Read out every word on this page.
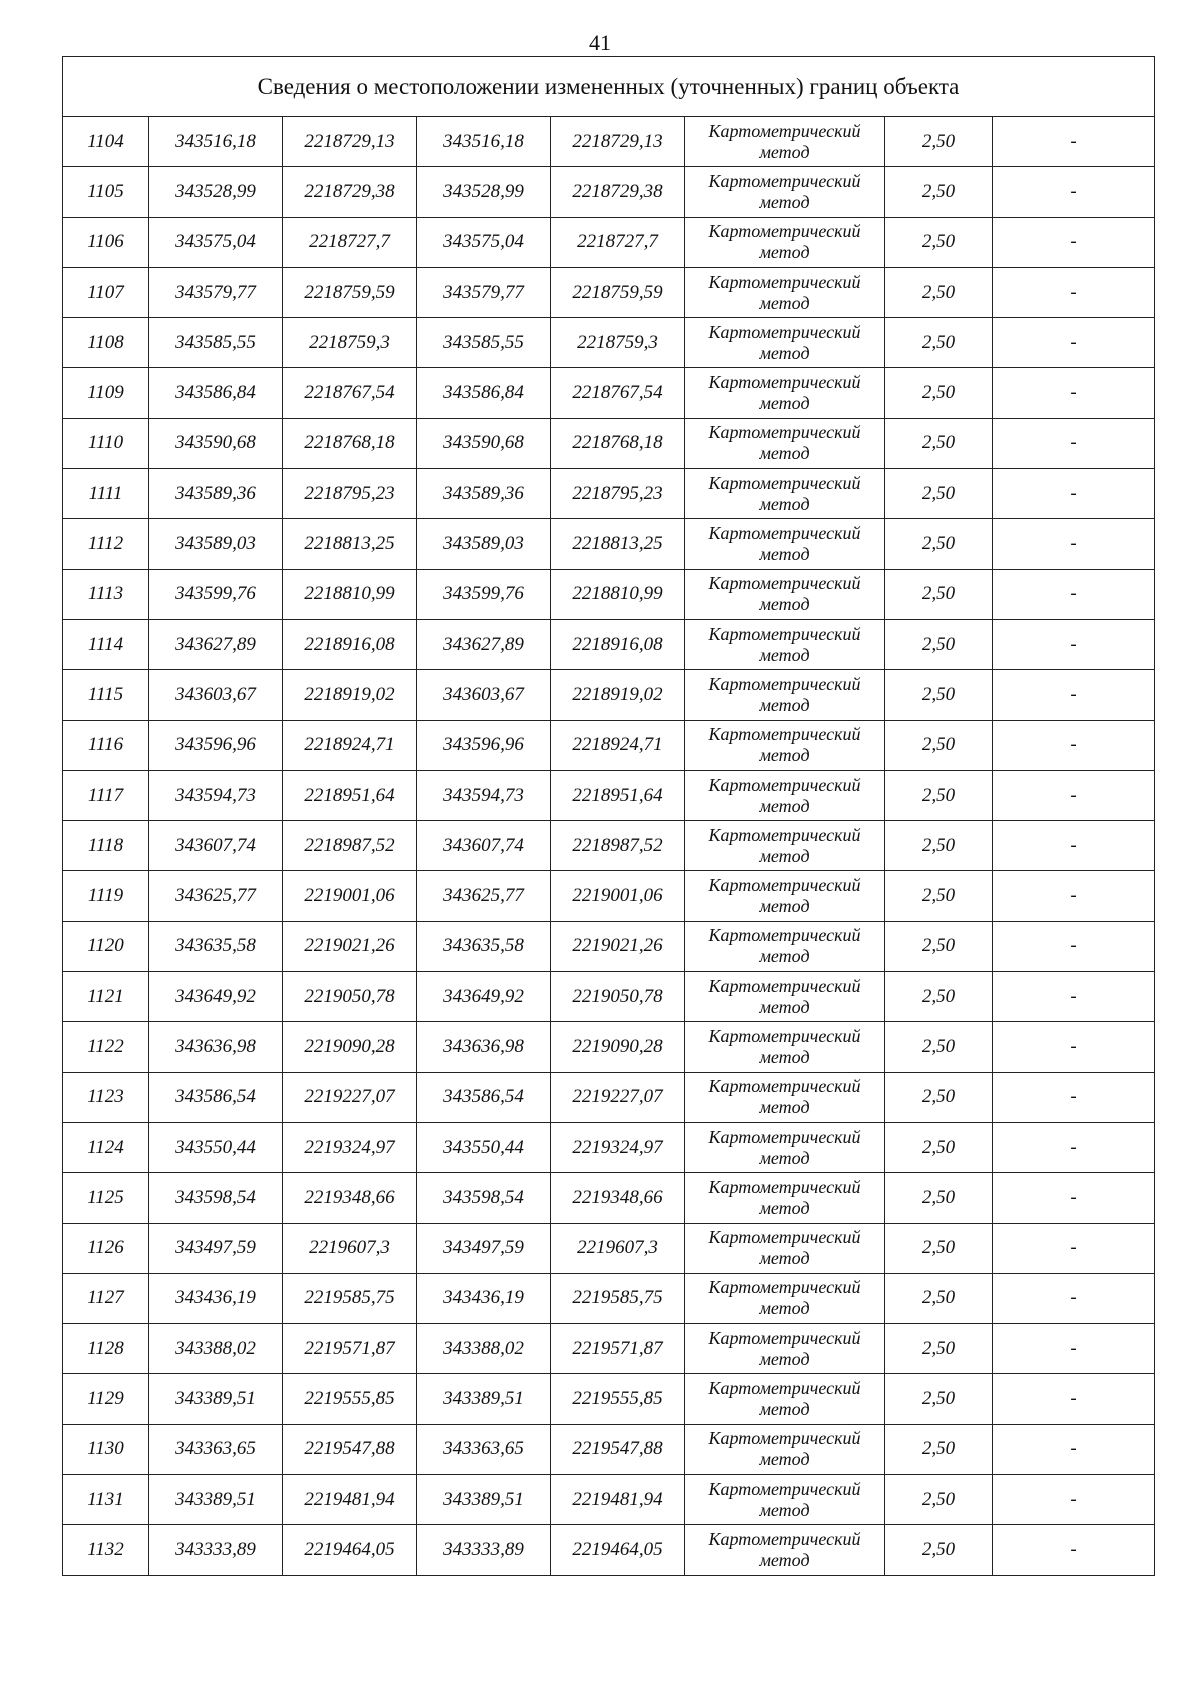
41
Сведения о местоположении измененных (уточненных) границ объекта							
1104	343516,18	2218729,13	343516,18	2218729,13	Картометрический метод	2,50	-
1105	343528,99	2218729,38	343528,99	2218729,38	Картометрический метод	2,50	-
1106	343575,04	2218727,7	343575,04	2218727,7	Картометрический метод	2,50	-
1107	343579,77	2218759,59	343579,77	2218759,59	Картометрический метод	2,50	-
1108	343585,55	2218759,3	343585,55	2218759,3	Картометрический метод	2,50	-
1109	343586,84	2218767,54	343586,84	2218767,54	Картометрический метод	2,50	-
1110	343590,68	2218768,18	343590,68	2218768,18	Картометрический метод	2,50	-
1111	343589,36	2218795,23	343589,36	2218795,23	Картометрический метод	2,50	-
1112	343589,03	2218813,25	343589,03	2218813,25	Картометрический метод	2,50	-
1113	343599,76	2218810,99	343599,76	2218810,99	Картометрический метод	2,50	-
1114	343627,89	2218916,08	343627,89	2218916,08	Картометрический метод	2,50	-
1115	343603,67	2218919,02	343603,67	2218919,02	Картометрический метод	2,50	-
1116	343596,96	2218924,71	343596,96	2218924,71	Картометрический метод	2,50	-
1117	343594,73	2218951,64	343594,73	2218951,64	Картометрический метод	2,50	-
1118	343607,74	2218987,52	343607,74	2218987,52	Картометрический метод	2,50	-
1119	343625,77	2219001,06	343625,77	2219001,06	Картометрический метод	2,50	-
1120	343635,58	2219021,26	343635,58	2219021,26	Картометрический метод	2,50	-
1121	343649,92	2219050,78	343649,92	2219050,78	Картометрический метод	2,50	-
1122	343636,98	2219090,28	343636,98	2219090,28	Картометрический метод	2,50	-
1123	343586,54	2219227,07	343586,54	2219227,07	Картометрический метод	2,50	-
1124	343550,44	2219324,97	343550,44	2219324,97	Картометрический метод	2,50	-
1125	343598,54	2219348,66	343598,54	2219348,66	Картометрический метод	2,50	-
1126	343497,59	2219607,3	343497,59	2219607,3	Картометрический метод	2,50	-
1127	343436,19	2219585,75	343436,19	2219585,75	Картометрический метод	2,50	-
1128	343388,02	2219571,87	343388,02	2219571,87	Картометрический метод	2,50	-
1129	343389,51	2219555,85	343389,51	2219555,85	Картометрический метод	2,50	-
1130	343363,65	2219547,88	343363,65	2219547,88	Картометрический метод	2,50	-
1131	343389,51	2219481,94	343389,51	2219481,94	Картометрический метод	2,50	-
1132	343333,89	2219464,05	343333,89	2219464,05	Картометрический метод	2,50	-
